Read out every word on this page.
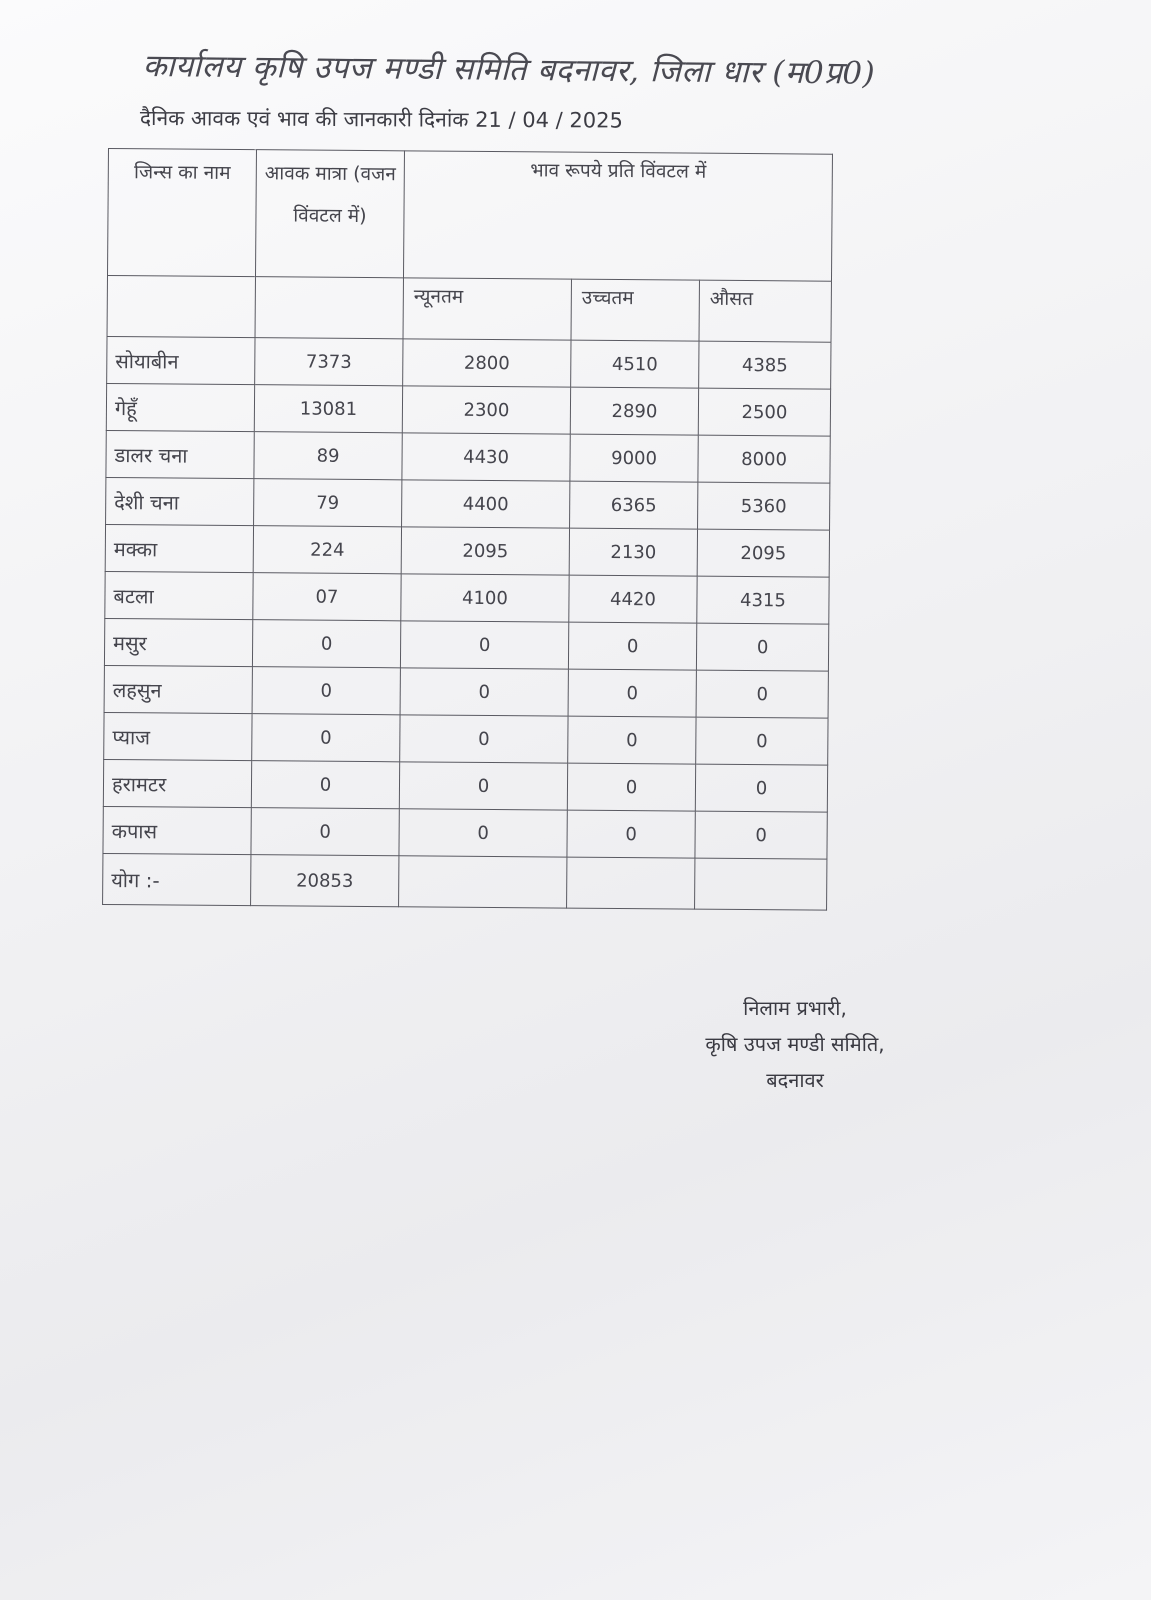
कार्यालय कृषि उपज मण्डी समिति बदनावर, जिला धार (म0प्र0)
दैनिक आवक एवं भाव की जानकारी दिनांक 21 / 04 / 2025
जिन्स का नाम	आवक मात्रा (वजन विंवटल में)	भाव रूपये प्रति विंवटल में		
		न्यूनतम	उच्चतम	औसत
सोयाबीन	7373	2800	4510	4385
गेहूँ	13081	2300	2890	2500
डालर चना	89	4430	9000	8000
देशी चना	79	4400	6365	5360
मक्का	224	2095	2130	2095
बटला	07	4100	4420	4315
मसुर	0	0	0	0
लहसुन	0	0	0	0
प्याज	0	0	0	0
हरामटर	0	0	0	0
कपास	0	0	0	0
योग :-	20853			
निलाम प्रभारी,
कृषि उपज मण्डी समिति,
बदनावर
